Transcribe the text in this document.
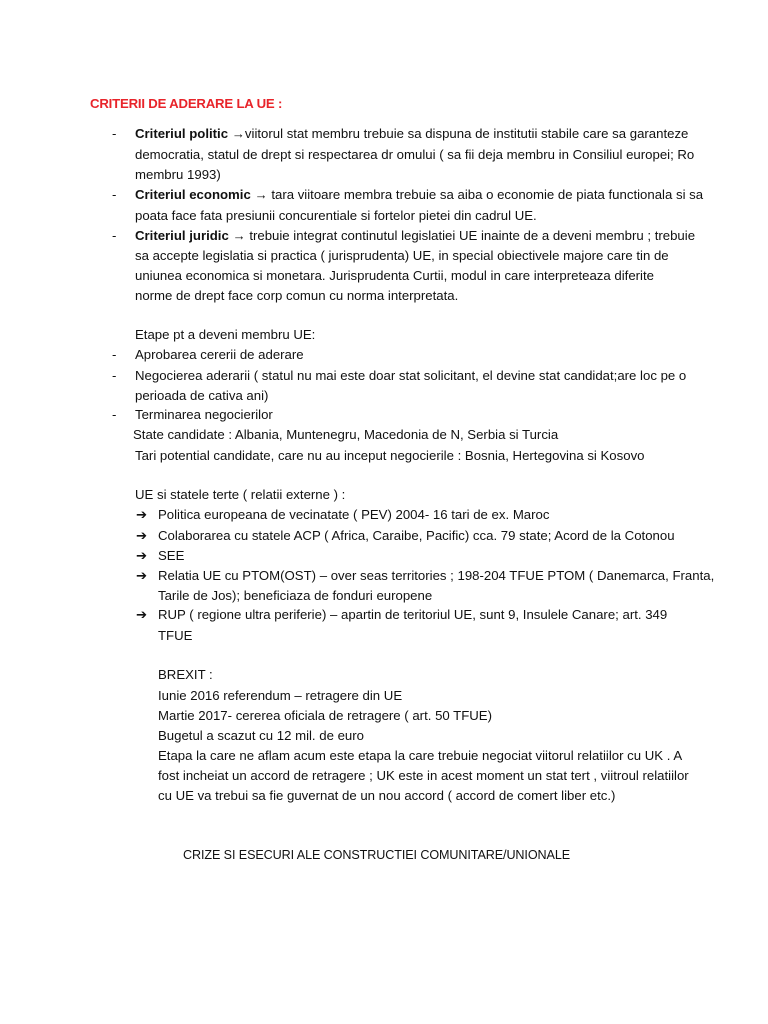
CRITERII DE ADERARE LA UE :
-	Criteriul politic →viitorul stat membru trebuie sa dispuna de institutii stabile care sa garanteze
democratia, statul de drept si respectarea dr omului ( sa fii deja membru in Consiliul europei; Ro
membru 1993)
-	Criteriul economic → tara viitoare membra trebuie sa aiba o economie de piata functionala si sa
poata face fata presiunii concurentiale si fortelor pietei din cadrul UE.
-	Criteriul juridic → trebuie integrat continutul legislatiei UE inainte de a deveni membru ; trebuie
sa accepte legislatia si practica ( jurisprudenta) UE, in special obiectivele majore care tin de
uniunea economica si monetara. Jurisprudenta Curtii, modul in care interpreteaza diferite
norme de drept face corp comun cu norma interpretata.
Etape pt a deveni membru UE:
-	Aprobarea cererii de aderare
-	Negocierea aderarii ( statul nu mai este doar stat solicitant, el devine stat candidat;are loc pe o
perioada de cativa ani)
-	Terminarea negocierilor
State candidate : Albania, Muntenegru, Macedonia de N, Serbia si Turcia
Tari potential candidate, care nu au inceput negocierile : Bosnia, Hertegovina si Kosovo
UE si statele terte ( relatii externe ) :
➔ Politica europeana de vecinatate ( PEV) 2004- 16 tari de ex. Maroc
➔ Colaborarea cu statele ACP ( Africa, Caraibe, Pacific) cca. 79 state; Acord de la Cotonou
➔ SEE
➔ Relatia UE cu PTOM(OST) – over seas territories ; 198-204 TFUE PTOM ( Danemarca, Franta,
Tarile de Jos); beneficiaza de fonduri europene
➔ RUP ( regione ultra periferie) – apartin de teritoriul UE, sunt 9, Insulele Canare; art. 349
TFUE
BREXIT :
Iunie 2016 referendum – retragere din UE
Martie 2017- cererea oficiala de retragere ( art. 50 TFUE)
Bugetul a scazut cu 12 mil. de euro
Etapa la care ne aflam acum este etapa la care trebuie negociat viitorul relatiilor cu UK . A
fost incheiat un accord de retragere ; UK este in acest moment un stat tert , viitroul relatiilor
cu UE va trebui sa fie guvernat de un nou accord ( accord de comert liber etc.)
CRIZE SI ESECURI ALE CONSTRUCTIEI COMUNITARE/UNIONALE
